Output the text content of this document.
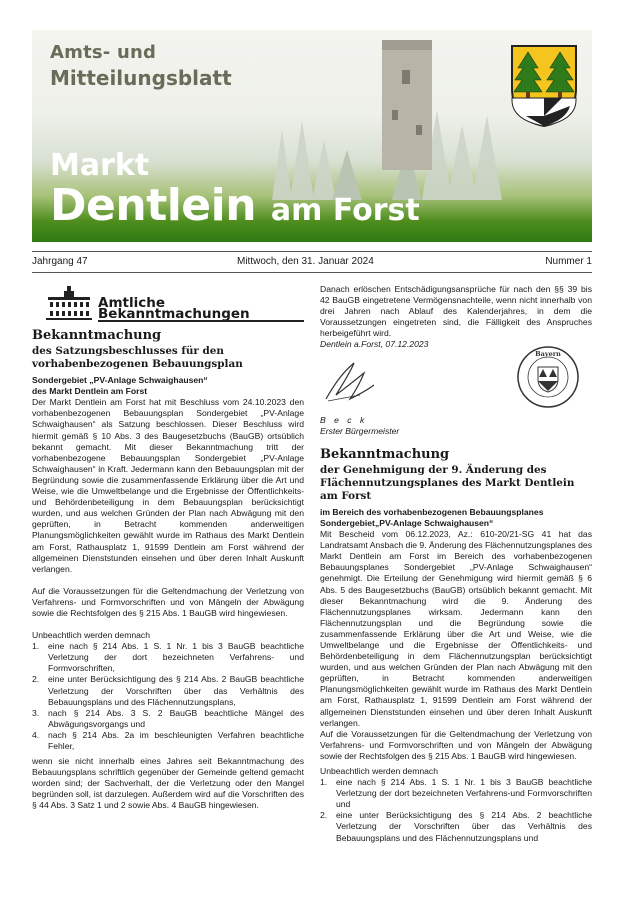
Amts- und
Mitteilungsblatt
Markt
Dentlein am Forst
Jahrgang 47	Mittwoch, den 31. Januar 2024	Nummer 1
Amtliche Bekanntmachungen
Bekanntmachung
des Satzungsbeschlusses für den vorhabenbezogenen Bebauungsplan

Sondergebiet „PV-Anlage Schwaighausen“

des Markt Dentlein am Forst

Der Markt Dentlein am Forst hat mit Beschluss vom 24.10.2023 den vorhabenbezogenen Bebauungsplan Sondergebiet „PV-Anlage Schwaighausen“ als Satzung beschlossen. Dieser Beschluss wird hiermit gemäß § 10 Abs. 3 des Baugesetzbuchs (BauGB) ortsüblich bekannt gemacht. Mit dieser Bekanntmachung tritt der vorhabenbezogene Bebauungsplan Sondergebiet „PV-Anlage Schwaighausen“ in Kraft. Jedermann kann den Bebauungsplan mit der Begründung sowie die zusammenfassende Erklärung über die Art und Weise, wie die Umweltbelange und die Ergebnisse der Öffentlichkeits- und Behördenbeteiligung in dem Bebauungsplan berücksichtigt wurden, und aus welchen Gründen der Plan nach Abwägung mit den geprüften, in Betracht kommenden anderweitigen Planungsmöglichkeiten gewählt wurde im Rathaus des Markt Dentlein am Forst, Rathausplatz 1, 91599 Dentlein am Forst während der allgemeinen Dienststunden einsehen und über deren Inhalt Auskunft verlangen.

Auf die Voraussetzungen für die Geltendmachung der Verletzung von Verfahrens- und Formvorschriften und von Mängeln der Abwägung sowie die Rechtsfolgen des § 215 Abs. 1 BauGB wird hingewiesen.

Unbeachtlich werden demnach

1. eine nach § 214 Abs. 1 S. 1 Nr. 1 bis 3 BauGB beachtliche Verletzung der dort bezeichneten Verfahrens- und Formvorschriften,
2. eine unter Berücksichtigung des § 214 Abs. 2 BauGB beachtliche Verletzung der Vorschriften über das Verhältnis des Bebauungsplans und des Flächennutzungsplans,
3. nach § 214 Abs. 3 S. 2 BauGB beachtliche Mängel des Abwägungsvorgangs und
4. nach § 214 Abs. 2a im beschleunigten Verfahren beachtliche Fehler,

wenn sie nicht innerhalb eines Jahres seit Bekanntmachung des Bebauungsplans schriftlich gegenüber der Gemeinde geltend gemacht worden sind; der Sachverhalt, der die Verletzung oder den Mangel begründen soll, ist darzulegen. Außerdem wird auf die Vorschriften des § 44 Abs. 3 Satz 1 und 2 sowie Abs. 4 BauGB hingewiesen.

Danach erlöschen Entschädigungsansprüche für nach den §§ 39 bis 42 BauGB eingetretene Vermögensnachteile, wenn nicht innerhalb von drei Jahren nach Ablauf des Kalenderjahres, in dem die Voraussetzungen eingetreten sind, die Fälligkeit des Anspruches herbeigeführt wird.

Dentlein a.Forst, 07.12.2023

Bayern

B e c k

Erster Bürgermeister

Bekanntmachung
der Genehmigung der 9. Änderung des Flächennutzungsplanes des Markt Dentlein am Forst

im Bereich des vorhabenbezogenen Bebauungsplanes Sondergebiet„PV-Anlage Schwaighausen“

Mit Bescheid vom 06.12.2023, Az.: 610-20/21-SG 41 hat das Landratsamt Ansbach die 9. Änderung des Flächennutzungsplanes des Markt Dentlein am Forst im Bereich des vorhabenbezogenen Bebauungsplanes Sondergebiet „PV-Anlage Schwaighausen“ genehmigt. Die Erteilung der Genehmigung wird hiermit gemäß § 6 Abs. 5 des Baugesetzbuchs (BauGB) ortsüblich bekannt gemacht. Mit dieser Bekanntmachung wird die 9. Änderung des Flächennutzungsplanes wirksam. Jedermann kann den Flächennutzungsplan und die Begründung sowie die zusammenfassende Erklärung über die Art und Weise, wie die Umweltbelange und die Ergebnisse der Öffentlichkeits- und Behördenbeteiligung in dem Flächennutzungsplan berücksichtigt wurden, und aus welchen Gründen der Plan nach Abwägung mit den geprüften, in Betracht kommenden anderweitigen Planungsmöglichkeiten gewählt wurde im Rathaus des Markt Dentlein am Forst, Rathausplatz 1, 91599 Dentlein am Forst während der allgemeinen Dienststunden einsehen und über deren Inhalt Auskunft verlangen.

Auf die Voraussetzungen für die Geltendmachung der Verletzung von Verfahrens- und Formvorschriften und von Mängeln der Abwägung sowie der Rechtsfolgen des § 215 Abs. 1 BauGB wird hingewiesen.

Unbeachtlich werden demnach

1. eine nach § 214 Abs. 1 S. 1 Nr. 1 bis 3 BauGB beachtliche Verletzung der dort bezeichneten Verfahrens-und Formvorschriften und
2. eine unter Berücksichtigung des § 214 Abs. 2 beachtliche Verletzung der Vorschriften über das Verhältnis des Bebauungsplans und des Flächennutzungsplans und
